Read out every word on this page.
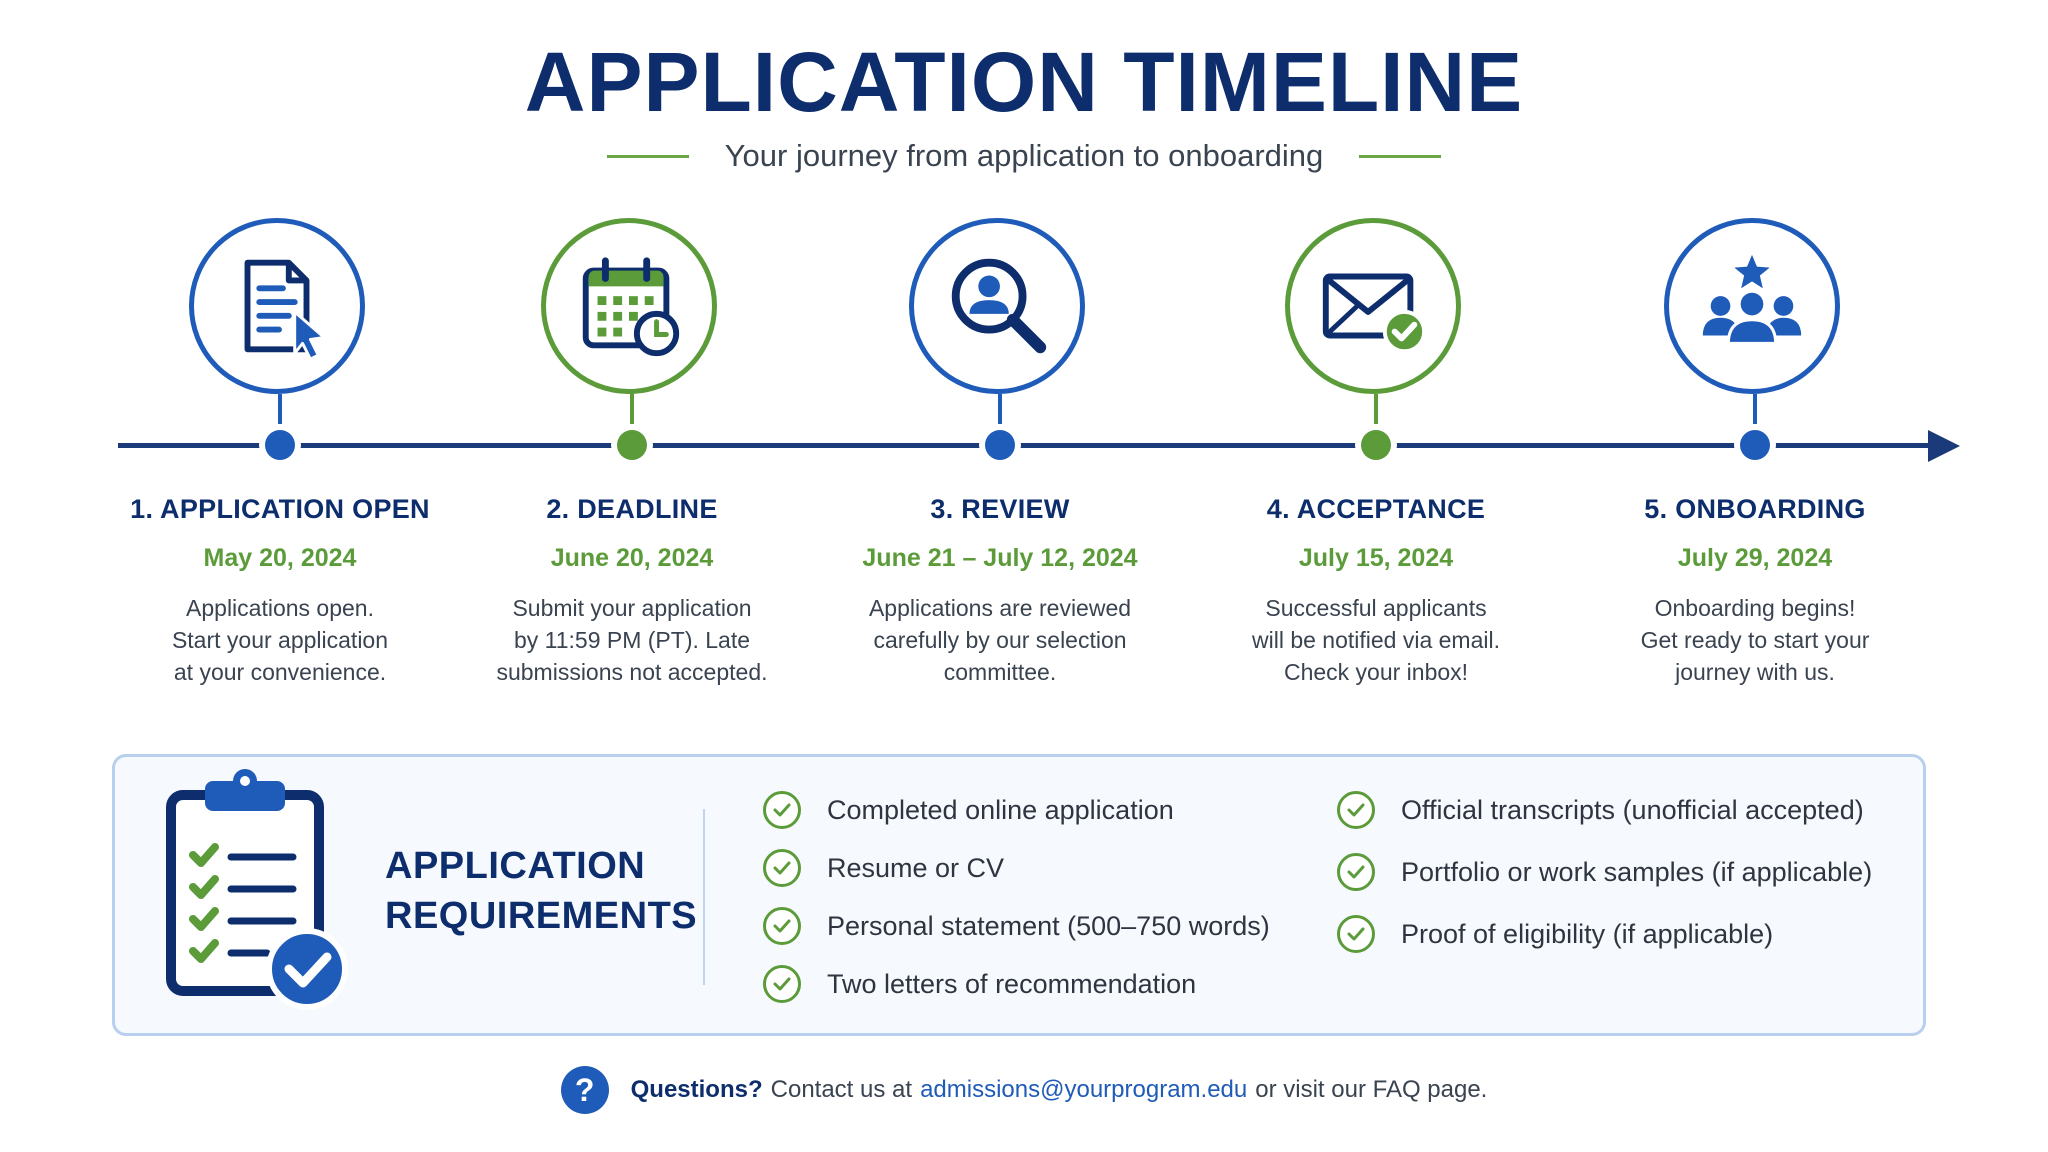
APPLICATION TIMELINE
Your journey from application to onboarding
1. APPLICATION OPEN
May 20, 2024
Applications open.
Start your application
at your convenience.
2. DEADLINE
June 20, 2024
Submit your application
by 11:59 PM (PT). Late
submissions not accepted.
3. REVIEW
June 21 – July 12, 2024
Applications are reviewed
carefully by our selection
committee.
4. ACCEPTANCE
July 15, 2024
Successful applicants
will be notified via email.
Check your inbox!
5. ONBOARDING
July 29, 2024
Onboarding begins!
Get ready to start your
journey with us.
APPLICATION
REQUIREMENTS
Completed online application
Resume or CV
Personal statement (500–750 words)
Two letters of recommendation
Official transcripts (unofficial accepted)
Portfolio or work samples (if applicable)
Proof of eligibility (if applicable)
?	Questions? Contact us at admissions@yourprogram.edu or visit our FAQ page.
